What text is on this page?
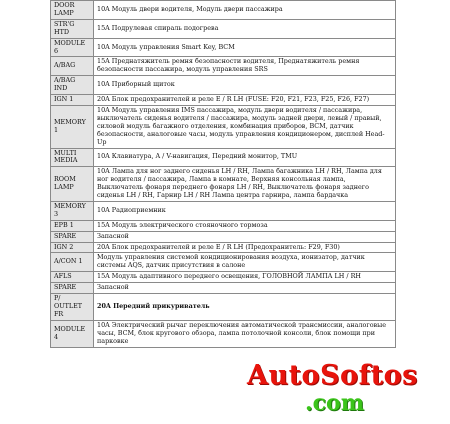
DOOR LAMP	10A Модуль двери водителя, Модуль двери пассажира
STR'G HTD	15A Подрулевая спираль подогрева
MODULE 6	10A Модуль управления Smart Key, BCM
A/BAG	15A Преднатяжитель ремня безопасности водителя, Преднатяжитель ремня безопасности пассажира, модуль управления SRS
A/BAG IND	10A Приборный щиток
IGN 1	20A Блок предохранителей и реле E / R LH (FUSE: F20, F21, F23, F25, F26, F27)
MEMORY 1	10A Модуль управления IMS пассажира, модуль двери водителя / пассажира, выключатель сиденья водителя / пассажира, модуль задней двери, левый / правый, силовой модуль багажного отделения, комбинация приборов, BCM, датчик безопасности, аналоговые часы, модуль управления кондиционером, дисплей Head-Up
MULTI MEDIA	10A Клавиатура, A / V-навигация, Передний монитор, TMU
ROOM LAMP	10A Лампа для ног заднего сиденья LH / RH, Лампа багажника LH / RH, Лампа для ног водителя / пассажира, Лампа в комнате, Верхняя консольная лампа, Выключатель фонаря переднего фонаря LH / RH, Выключатель фонаря заднего сиденья LH / RH, Гарнир LH / RH Лампа центра гарнира, лампа бардачка
MEMORY 3	10A Радиоприемник
EPB 1	15A Модуль электрического стояночного тормоза
SPARE	Запасной
IGN 2	20A Блок предохранителей и реле E / R LH (Предохранитель: F29, F30)
A/CON 1	Модуль управления системой кондиционирования воздуха, ионизатор, датчик системы AQS, датчик присутствия в салоне
AFLS	15A Модуль адаптивного переднего освещения, ГОЛОВНОЙ ЛАМПА LH / RH
SPARE	Запасной
P/ OUTLET FR	20A Передний прикуриватель
MODULE 4	10A Электрический рычаг переключения автоматической трансмиссии, аналоговые часы, BCM, блок кругового обзора, лампа потолочной консоли, блок помощи при парковке
AutoSoftos
.com
